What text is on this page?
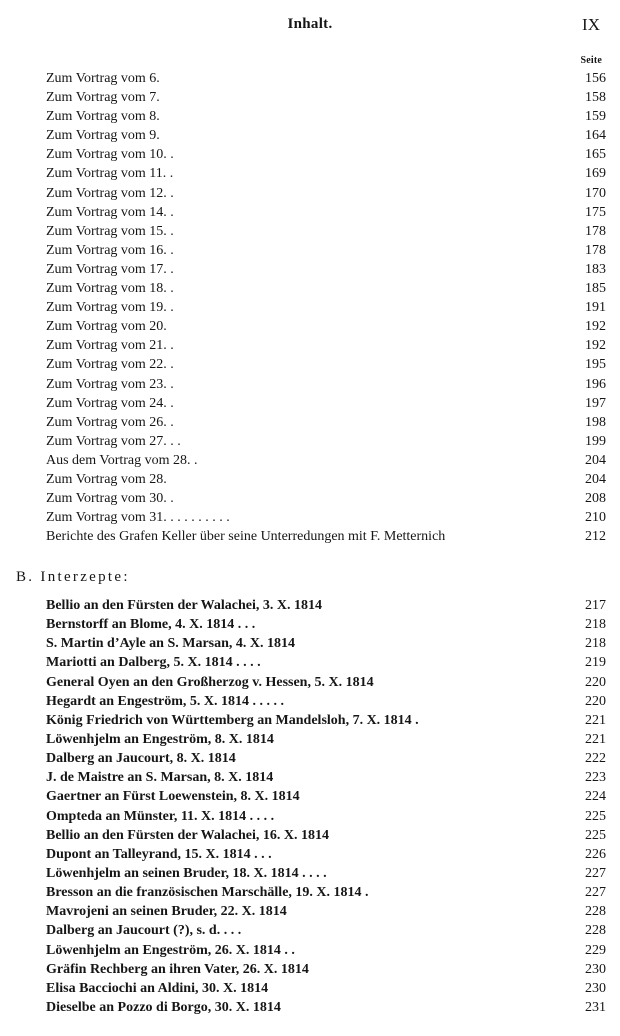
Inhalt.	IX
Seite
Zum Vortrag vom 6.	156
Zum Vortrag vom 7.	158
Zum Vortrag vom 8.	159
Zum Vortrag vom 9.	164
Zum Vortrag vom 10. .	165
Zum Vortrag vom 11. .	169
Zum Vortrag vom 12. .	170
Zum Vortrag vom 14. .	175
Zum Vortrag vom 15. .	178
Zum Vortrag vom 16. .	178
Zum Vortrag vom 17. .	183
Zum Vortrag vom 18. .	185
Zum Vortrag vom 19. .	191
Zum Vortrag vom 20.	192
Zum Vortrag vom 21. .	192
Zum Vortrag vom 22. .	195
Zum Vortrag vom 23. .	196
Zum Vortrag vom 24. .	197
Zum Vortrag vom 26. .	198
Zum Vortrag vom 27. . .	199
Aus dem Vortrag vom 28. .	204
Zum Vortrag vom 28.	204
Zum Vortrag vom 30. .	208
Zum Vortrag vom 31. . . . . . . . . .	210
Berichte des Grafen Keller über seine Unterredungen mit F. Metternich	212
B. Interzepte:
Bellio an den Fürsten der Walachei, 3. X. 1814	217
Bernstorff an Blome, 4. X. 1814 . . .	218
S. Martin d’Ayle an S. Marsan, 4. X. 1814	218
Mariotti an Dalberg, 5. X. 1814 . . . .	219
General Oyen an den Großherzog v. Hessen, 5. X. 1814	220
Hegardt an Engeström, 5. X. 1814 . . . . .	220
König Friedrich von Württemberg an Mandelsloh, 7. X. 1814 .	221
Löwenhjelm an Engeström, 8. X. 1814	221
Dalberg an Jaucourt, 8. X. 1814	222
J. de Maistre an S. Marsan, 8. X. 1814	223
Gaertner an Fürst Loewenstein, 8. X. 1814	224
Ompteda an Münster, 11. X. 1814 . . . .	225
Bellio an den Fürsten der Walachei, 16. X. 1814	225
Dupont an Talleyrand, 15. X. 1814 . . .	226
Löwenhjelm an seinen Bruder, 18. X. 1814 . . . .	227
Bresson an die französischen Marschälle, 19. X. 1814 .	227
Mavrojeni an seinen Bruder, 22. X. 1814	228
Dalberg an Jaucourt (?), s. d. . . .	228
Löwenhjelm an Engeström, 26. X. 1814 . .	229
Gräfin Rechberg an ihren Vater, 26. X. 1814	230
Elisa Bacciochi an Aldini, 30. X. 1814	230
Dieselbe an Pozzo di Borgo, 30. X. 1814	231
